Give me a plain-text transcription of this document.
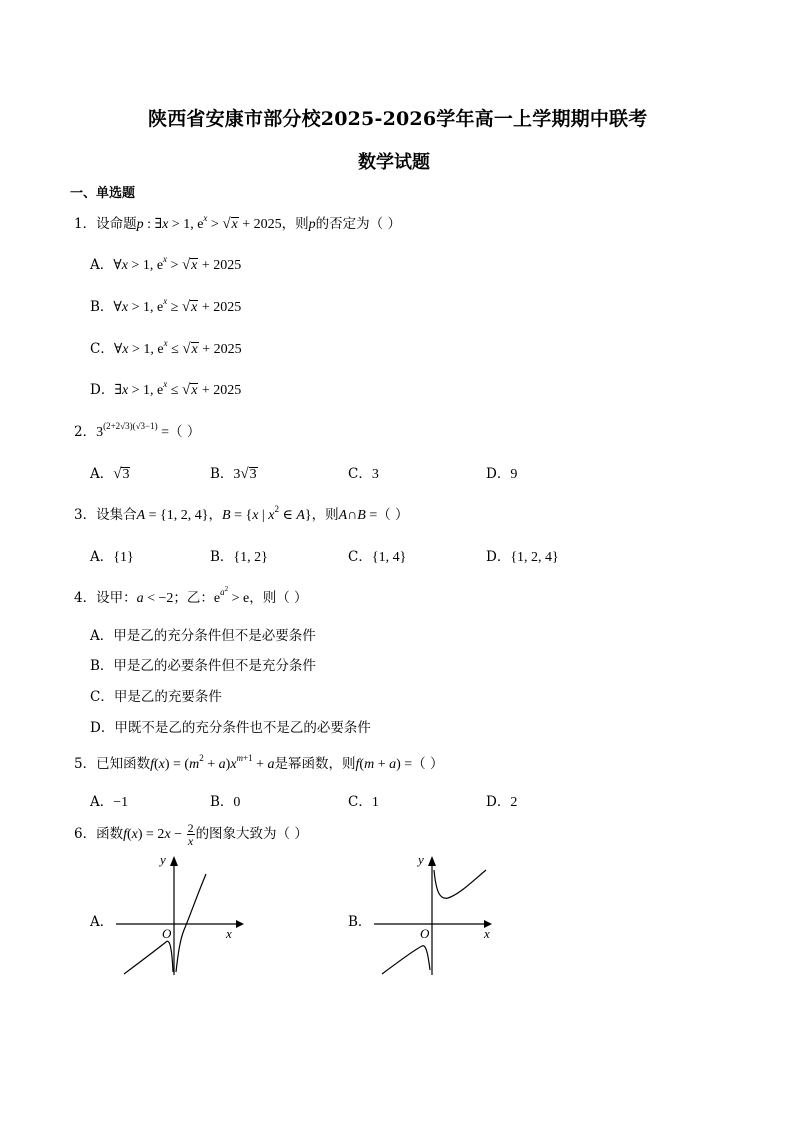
陕西省安康市部分校2025-2026学年高一上学期期中联考
数学试题
一、单选题
1．设命题p : ∃x > 1, $e^x > √x + 2025$，则p的否定为（ ）
A．∀x > 1, $e^x > √x + 2025$
B．∀x > 1, $e^x \ge √x + 2025$
C．∀x > 1, $e^x \le √x + 2025$
D．∃x > 1, $e^x \le √x + 2025$
2．$3^{(2+2√3)(√3-1)}$ =（ ）
A．√3	B．3√3	C．3	D．9
3．设集合A = {1, 2, 4}，B = {x | $x^2$ ∈ A}，则A∩B =（ ）
A．{1}	B．{1, 2}	C．{1, 4}	D．{1, 2, 4}
4．设甲：a < −2；乙：$e^{a^2} > e$，则（ ）
A．甲是乙的充分条件但不是必要条件
B．甲是乙的必要条件但不是充分条件
C．甲是乙的充要条件
D．甲既不是乙的充分条件也不是乙的必要条件
5．已知函数$f(x) = (m^2 + a)x^{m+1} + a$是幂函数，则f(m + a) =（ ）
A．−1	B．0	C．1	D．2
6．函数$f(x) = 2x - \frac{2}{x}$ 的图象大致为（ ）
A．
x
y
O
B．
x
y
O
